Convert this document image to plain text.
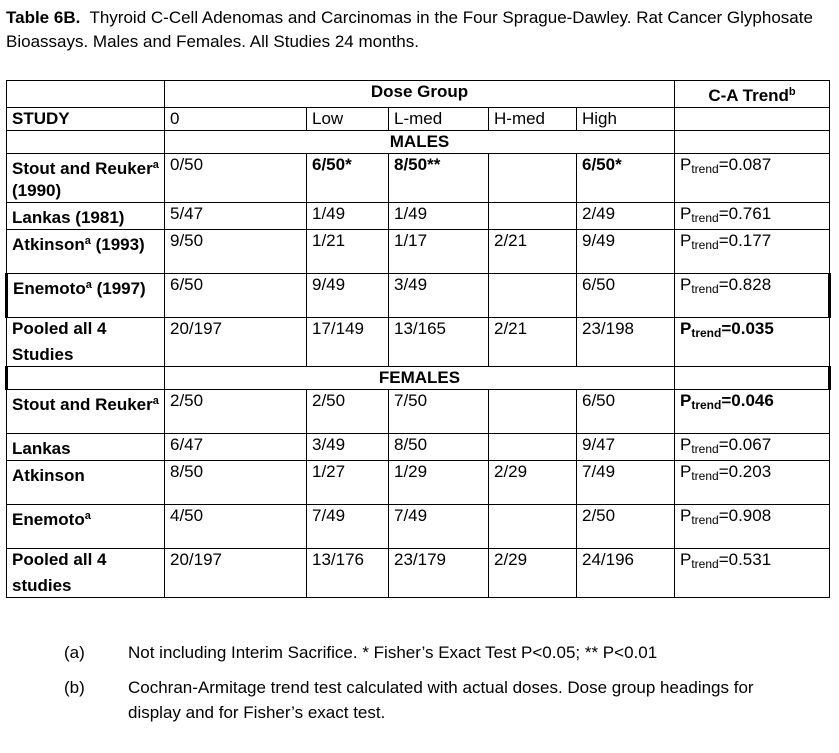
Table 6B. Thyroid C-Cell Adenomas and Carcinomas in the Four Sprague-Dawley. Rat Cancer Glyphosate Bioassays. Males and Females. All Studies 24 months.
	Dose Group					C-A Trend$^b$
STUDY	0	Low	L-med	H-med	High	
	MALES					
Stout and Reuker$^a$ (1990)	0/50	6/50*	8/50**		6/50*	$P_{trend}=0.087$
Lankas (1981)	5/47	1/49	1/49		2/49	$P_{trend}=0.761$
Atkinson$^a$ (1993)	9/50	1/21	1/17	2/21	9/49	$P_{trend}=0.177$
Enemoto$^a$ (1997)	6/50	9/49	3/49		6/50	$P_{trend}=0.828$
Pooled all 4 Studies	20/197	17/149	13/165	2/21	23/198	$P_{trend}=0.035$
	FEMALES					
Stout and Reuker$^a$	2/50	2/50	7/50		6/50	$P_{trend}=0.046$
Lankas	6/47	3/49	8/50		9/47	$P_{trend}=0.067$
Atkinson	8/50	1/27	1/29	2/29	7/49	$P_{trend}=0.203$
Enemoto$^a$	4/50	7/49	7/49		2/50	$P_{trend}=0.908$
Pooled all 4 studies	20/197	13/176	23/179	2/29	24/196	$P_{trend}=0.531$
(a)	Not including Interim Sacrifice. * Fisher’s Exact Test P<0.05; ** P<0.01
(b)	Cochran-Armitage trend test calculated with actual doses. Dose group headings for display and for Fisher’s exact test.
